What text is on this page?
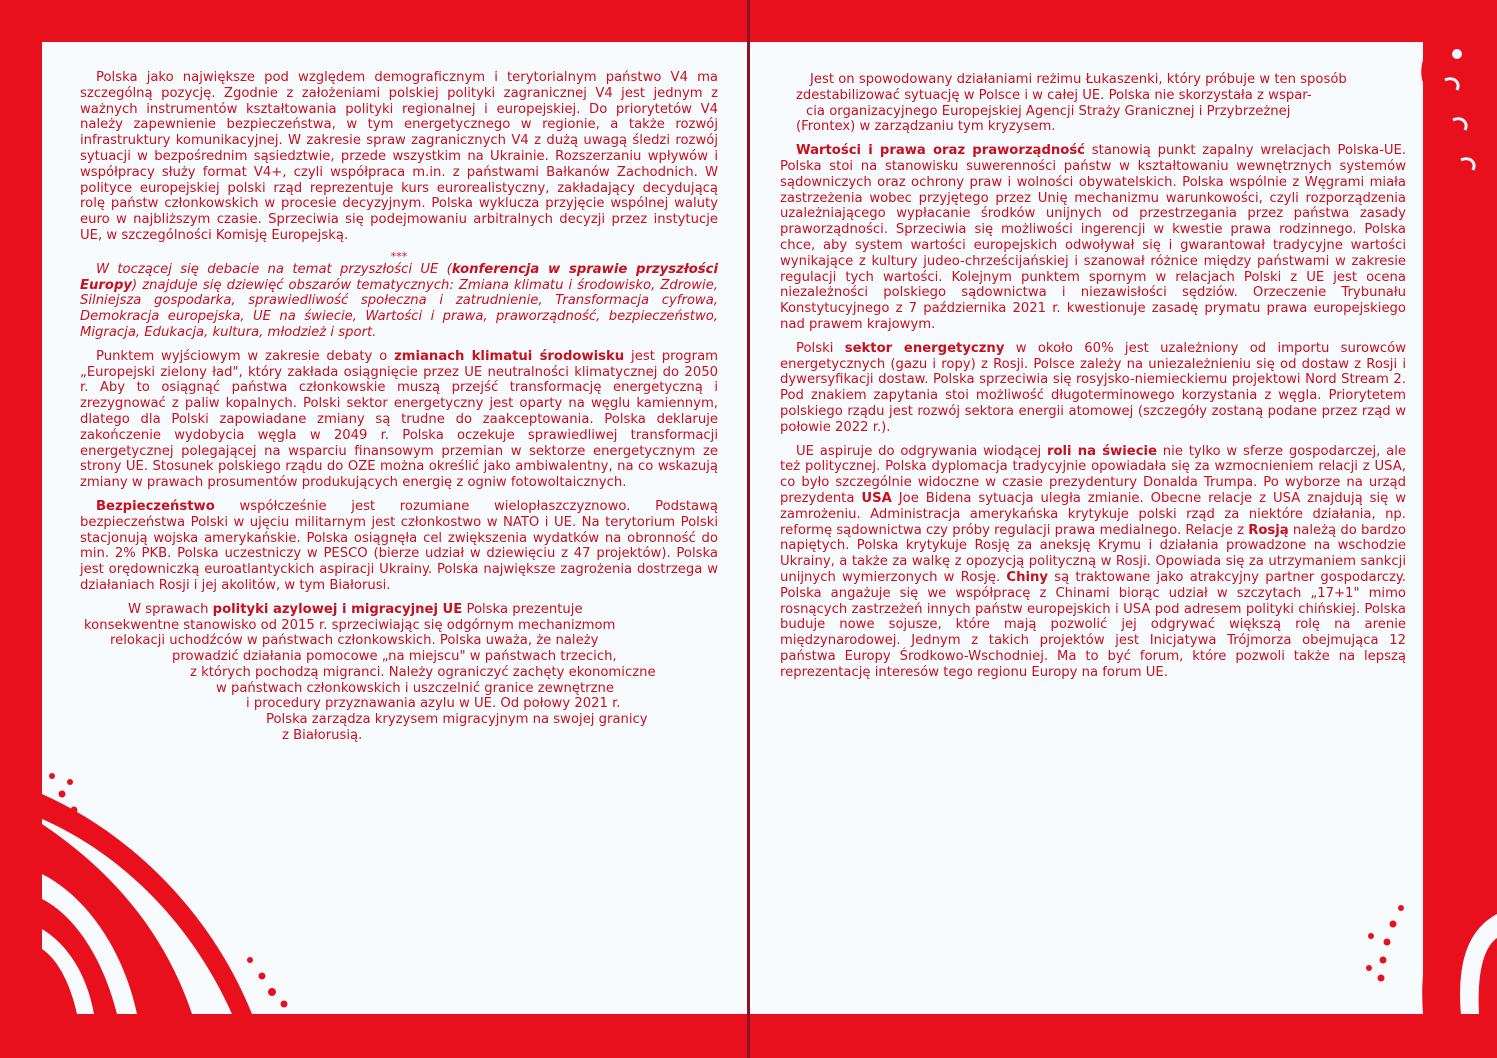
Polska jako największe pod względem demograficznym i terytorialnym państwo V4 ma szczególną pozycję. Zgodnie z założeniami polskiej polityki zagranicznej V4 jest jednym z ważnych instrumentów kształtowania polityki regionalnej i europejskiej. Do priorytetów V4 należy zapewnienie bezpieczeństwa, w tym energetycznego w regionie, a także rozwój infrastruktury komunikacyjnej. W zakresie spraw zagranicznych V4 z dużą uwagą śledzi rozwój sytuacji w bezpośrednim sąsiedztwie, przede wszystkim na Ukrainie. Rozszerzaniu wpływów i współpracy służy format V4+, czyli współpraca m.in. z państwami Bałkanów Zachodnich. W polityce europejskiej polski rząd reprezentuje kurs eurorealistyczny, zakładający decydującą rolę państw członkowskich w procesie decyzyjnym. Polska wyklucza przyjęcie wspólnej waluty euro w najbliższym czasie. Sprzeciwia się podejmowaniu arbitralnych decyzji przez instytucje UE, w szczególności Komisję Europejską.

***

W toczącej się debacie na temat przyszłości UE (konferencja w sprawie przyszłości Europy) znajduje się dziewięć obszarów tematycznych: Zmiana klimatu i środowisko, Zdrowie, Silniejsza gospodarka, sprawiedliwość społeczna i zatrudnienie, Transformacja cyfrowa, Demokracja europejska, UE na świecie, Wartości i prawa, praworządność, bezpieczeństwo, Migracja, Edukacja, kultura, młodzież i sport.

Punktem wyjściowym w zakresie debaty o zmianach klimatui środowisku jest program „Europejski zielony ład", który zakłada osiągnięcie przez UE neutralności klimatycznej do 2050 r. Aby to osiągnąć państwa członkowskie muszą przejść transformację energetyczną i zrezygnować z paliw kopalnych. Polski sektor energetyczny jest oparty na węglu kamiennym, dlatego dla Polski zapowiadane zmiany są trudne do zaakceptowania. Polska deklaruje zakończenie wydobycia węgla w 2049 r. Polska oczekuje sprawiedliwej transformacji energetycznej polegającej na wsparciu finansowym przemian w sektorze energetycznym ze strony UE. Stosunek polskiego rządu do OZE można określić jako ambiwalentny, na co wskazują zmiany w prawach prosumentów produkujących energię z ogniw fotowoltaicznych.

Bezpieczeństwo współcześnie jest rozumiane wielopłaszczyznowo. Podstawą bezpieczeństwa Polski w ujęciu militarnym jest członkostwo w NATO i UE. Na terytorium Polski stacjonują wojska amerykańskie. Polska osiągnęła cel zwiększenia wydatków na obronność do min. 2% PKB. Polska uczestniczy w PESCO (bierze udział w dziewięciu z 47 projektów). Polska jest orędowniczką euroatlantyckich aspiracji Ukrainy. Polska największe zagrożenia dostrzega w działaniach Rosji i jej akolitów, w tym Białorusi.

W sprawach polityki azylowej i migracyjnej UE Polska prezentuje
konsekwentne stanowisko od 2015 r. sprzeciwiając się odgórnym mechanizmom
relokacji uchodźców w państwach członkowskich. Polska uważa, że należy
prowadzić działania pomocowe „na miejscu" w państwach trzecich,
z których pochodzą migranci. Należy ograniczyć zachęty ekonomiczne
w państwach członkowskich i uszczelnić granice zewnętrzne
i procedury przyznawania azylu w UE. Od połowy 2021 r.
Polska zarządza kryzysem migracyjnym na swojej granicy
z Białorusią.

Jest on spowodowany działaniami reżimu Łukaszenki, który próbuje w ten sposób
zdestabilizować sytuację w Polsce i w całej UE. Polska nie skorzystała z wspar-
cia organizacyjnego Europejskiej Agencji Straży Granicznej i Przybrzeżnej
(Frontex) w zarządzaniu tym kryzysem.

Wartości i prawa oraz praworządność stanowią punkt zapalny wrelacjach Polska-UE. Polska stoi na stanowisku suwerenności państw w kształtowaniu wewnętrznych systemów sądowniczych oraz ochrony praw i wolności obywatelskich. Polska wspólnie z Węgrami miała zastrzeżenia wobec przyjętego przez Unię mechanizmu warunkowości, czyli rozporządzenia uzależniającego wypłacanie środków unijnych od przestrzegania przez państwa zasady praworządności. Sprzeciwia się możliwości ingerencji w kwestie prawa rodzinnego. Polska chce, aby system wartości europejskich odwoływał się i gwarantował tradycyjne wartości wynikające z kultury judeo-chrześcijańskiej i szanował różnice między państwami w zakresie regulacji tych wartości. Kolejnym punktem spornym w relacjach Polski z UE jest ocena niezależności polskiego sądownictwa i niezawisłości sędziów. Orzeczenie Trybunału Konstytucyjnego z 7 października 2021 r. kwestionuje zasadę prymatu prawa europejskiego nad prawem krajowym.

Polski sektor energetyczny w około 60% jest uzależniony od importu surowców energetycznych (gazu i ropy) z Rosji. Polsce zależy na uniezależnieniu się od dostaw z Rosji i dywersyfikacji dostaw. Polska sprzeciwia się rosyjsko-niemieckiemu projektowi Nord Stream 2. Pod znakiem zapytania stoi możliwość długoterminowego korzystania z węgla. Priorytetem polskiego rządu jest rozwój sektora energii atomowej (szczegóły zostaną podane przez rząd w połowie 2022 r.).

UE aspiruje do odgrywania wiodącej roli na świecie nie tylko w sferze gospodarczej, ale też politycznej. Polska dyplomacja tradycyjnie opowiadała się za wzmocnieniem relacji z USA, co było szczególnie widoczne w czasie prezydentury Donalda Trumpa. Po wyborze na urząd prezydenta USA Joe Bidena sytuacja uległa zmianie. Obecne relacje z USA znajdują się w zamrożeniu. Administracja amerykańska krytykuje polski rząd za niektóre działania, np. reformę sądownictwa czy próby regulacji prawa medialnego. Relacje z Rosją należą do bardzo napiętych. Polska krytykuje Rosję za aneksję Krymu i działania prowadzone na wschodzie Ukrainy, a także za walkę z opozycją polityczną w Rosji. Opowiada się za utrzymaniem sankcji unijnych wymierzonych w Rosję. Chiny są traktowane jako atrakcyjny partner gospodarczy. Polska angażuje się we współpracę z Chinami biorąc udział w szczytach „17+1" mimo rosnących zastrzeżeń innych państw europejskich i USA pod adresem polityki chińskiej. Polska buduje nowe sojusze, które mają pozwolić jej odgrywać większą rolę na arenie międzynarodowej. Jednym z takich projektów jest Inicjatywa Trójmorza obejmująca 12 państwa Europy Środkowo-Wschodniej. Ma to być forum, które pozwoli także na lepszą reprezentację interesów tego regionu Europy na forum UE.
